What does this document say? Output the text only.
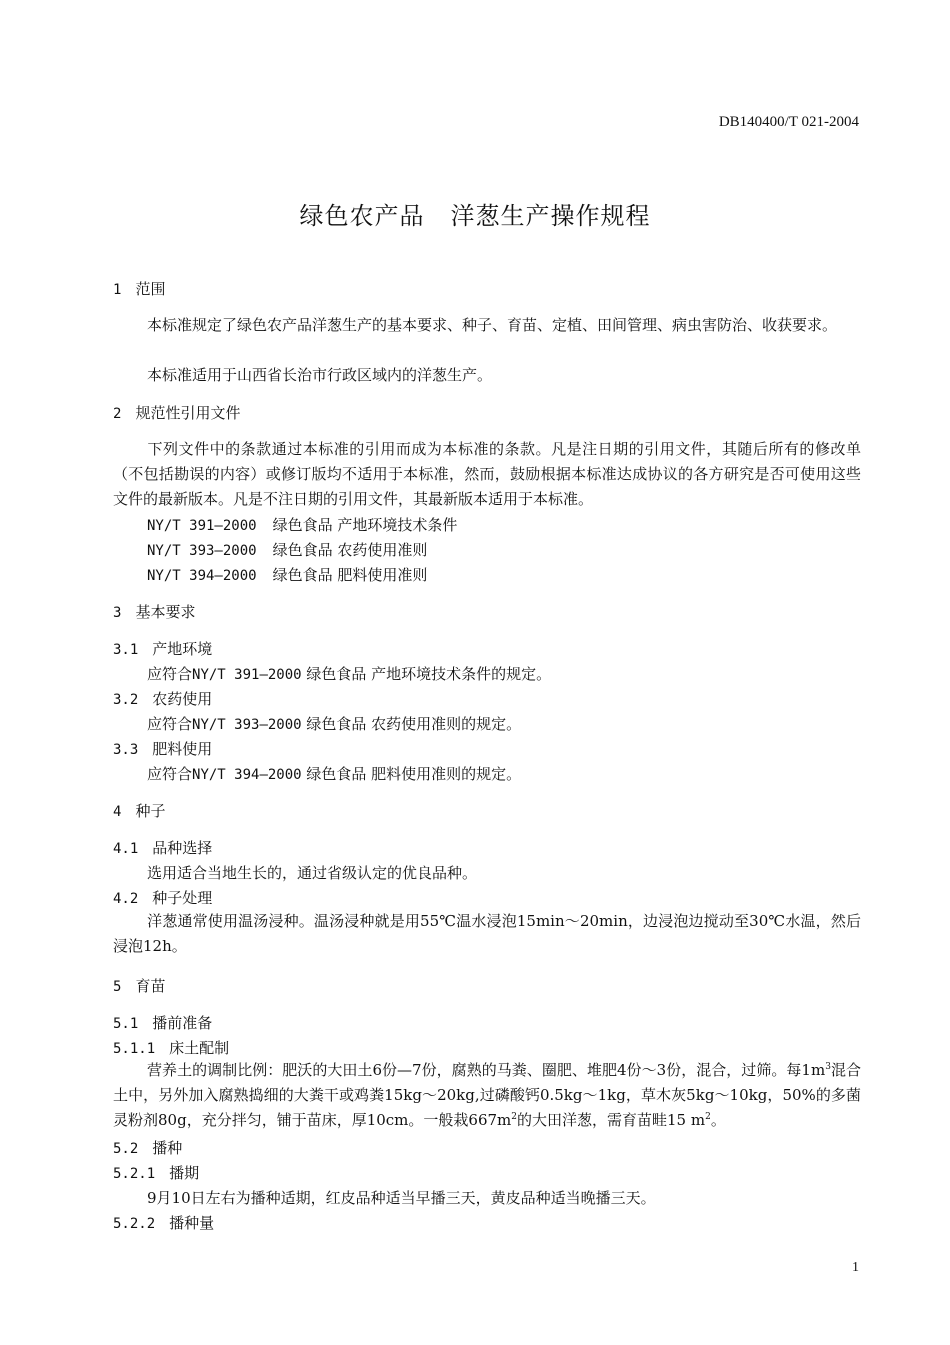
DB140400/T 021-2004
绿色农产品 洋葱生产操作规程
1 范围
本标准规定了绿色农产品洋葱生产的基本要求、种子、育苗、定植、田间管理、病虫害防治、收获要求。
本标准适用于山西省长治市行政区域内的洋葱生产。
2 规范性引用文件
下列文件中的条款通过本标准的引用而成为本标准的条款。凡是注日期的引用文件，其随后所有的修改单（不包括勘误的内容）或修订版均不适用于本标准，然而，鼓励根据本标准达成协议的各方研究是否可使用这些文件的最新版本。凡是不注日期的引用文件，其最新版本适用于本标准。
NY/T 391—2000 绿色食品 产地环境技术条件
NY/T 393—2000 绿色食品 农药使用准则
NY/T 394—2000 绿色食品 肥料使用准则
3 基本要求
3.1 产地环境
应符合NY/T 391—2000 绿色食品 产地环境技术条件的规定。
3.2 农药使用
应符合NY/T 393—2000 绿色食品 农药使用准则的规定。
3.3 肥料使用
应符合NY/T 394—2000 绿色食品 肥料使用准则的规定。
4 种子
4.1 品种选择
选用适合当地生长的，通过省级认定的优良品种。
4.2 种子处理
洋葱通常使用温汤浸种。温汤浸种就是用55℃温水浸泡15min～20min，边浸泡边搅动至30℃水温，然后浸泡12h。
5 育苗
5.1 播前准备
5.1.1 床土配制
营养土的调制比例：肥沃的大田土6份—7份，腐熟的马粪、圈肥、堆肥4份～3份，混合，过筛。每$1m^3$混合土中，另外加入腐熟捣细的大粪干或鸡粪15kg～20kg,过磷酸钙0.5kg～1kg，草木灰5kg～10kg，50%的多菌灵粉剂80g，充分拌匀，铺于苗床，厚10cm。一般栽$667m^2$的大田洋葱，需育苗畦15 $m^2$。
5.2 播种
5.2.1 播期
9月10日左右为播种适期，红皮品种适当早播三天，黄皮品种适当晚播三天。
5.2.2 播种量
1
